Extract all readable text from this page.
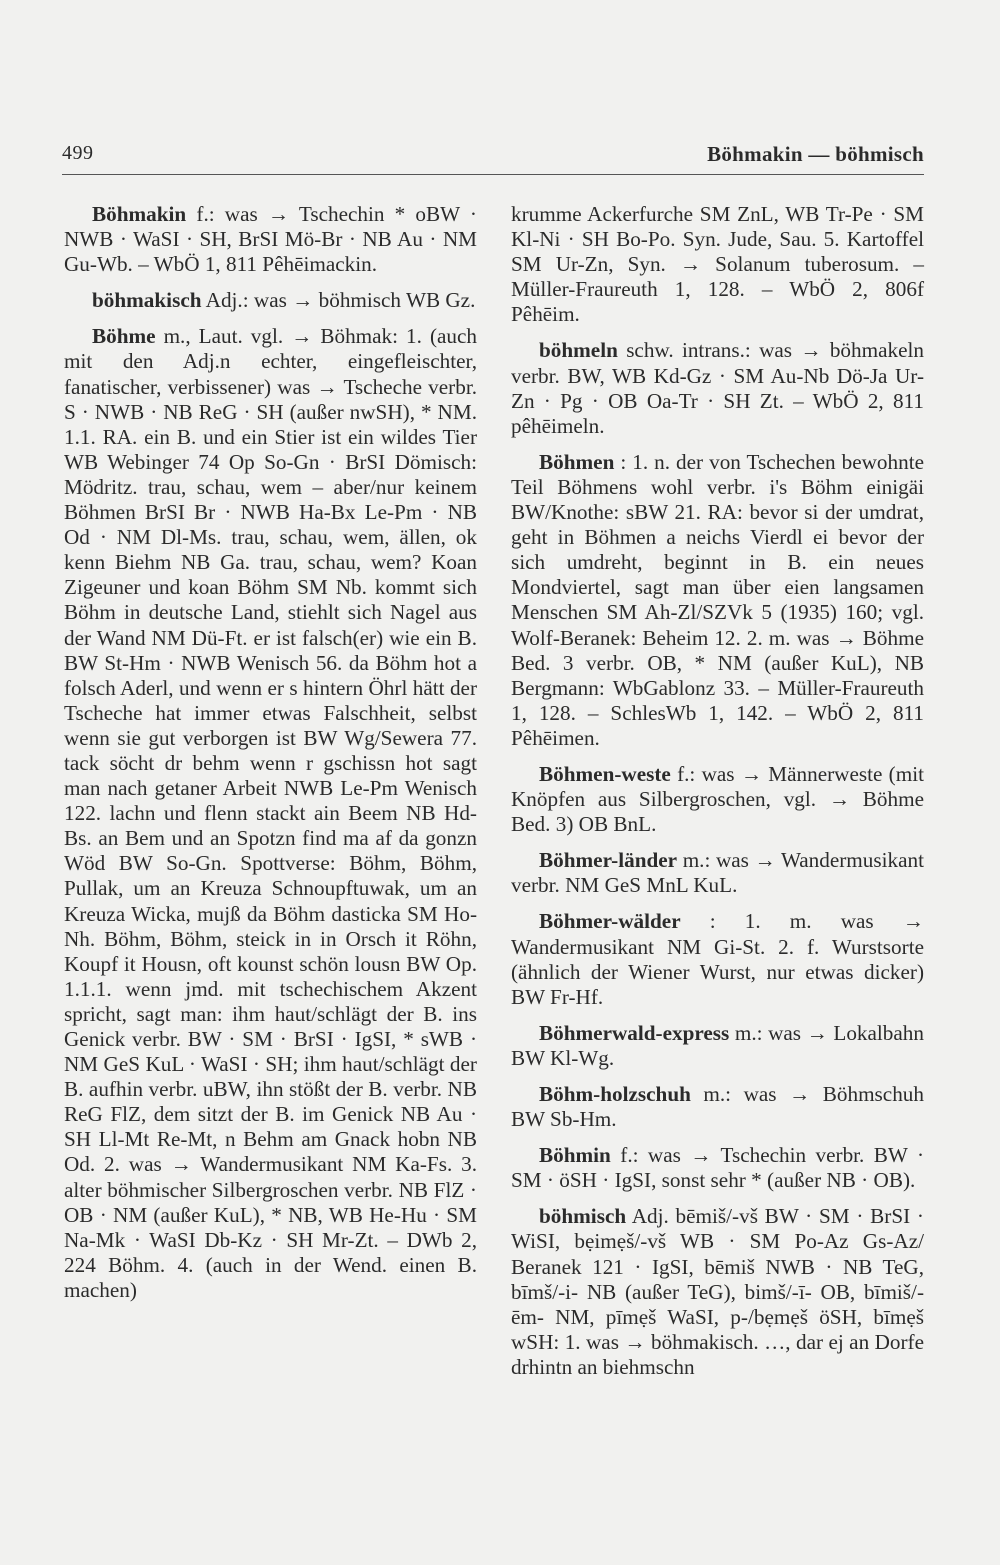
499	Böhmakin — böhmisch

Böhmakin f.: was → Tschechin * oBW · NWB · WaSI · SH, BrSI Mö-Br · NB Au · NM Gu-Wb. – WbÖ 1, 811 Pêhēimackin.

böhmakisch Adj.: was → böhmisch WB Gz.

Böhme m., Laut. vgl. → Böhmak: 1. (auch mit den Adj.n echter, eingefleischter, fanatischer, verbissener) was → Tscheche verbr. S · NWB · NB ReG · SH (außer nwSH), * NM. 1.1. RA. ein B. und ein Stier ist ein wildes Tier WB Webinger 74 Op So-Gn · BrSI Dömisch: Mödritz. trau, schau, wem – aber/nur keinem Böhmen BrSI Br · NWB Ha-Bx Le-Pm · NB Od · NM Dl-Ms. trau, schau, wem, ällen, ok kenn Biehm NB Ga. trau, schau, wem? Koan Zigeuner und koan Böhm SM Nb. kommt sich Böhm in deutsche Land, stiehlt sich Nagel aus der Wand NM Dü-Ft. er ist falsch(er) wie ein B. BW St-Hm · NWB Wenisch 56. da Böhm hot a folsch Aderl, und wenn er s hintern Öhrl hätt der Tscheche hat immer etwas Falschheit, selbst wenn sie gut verborgen ist BW Wg/Sewera 77. tack söcht dr behm wenn r gschissn hot sagt man nach getaner Arbeit NWB Le-Pm Wenisch 122. lachn und flenn stackt ain Beem NB Hd-Bs. an Bem und an Spotzn find ma af da gonzn Wöd BW So-Gn. Spottverse: Böhm, Böhm, Pullak, um an Kreuza Schnoupftuwak, um an Kreuza Wicka, mujß da Böhm dasticka SM Ho-Nh. Böhm, Böhm, steick in in Orsch it Röhn, Koupf it Housn, oft kounst schön lousn BW Op. 1.1.1. wenn jmd. mit tschechischem Akzent spricht, sagt man: ihm haut/schlägt der B. ins Genick verbr. BW · SM · BrSI · IgSI, * sWB · NM GeS KuL · WaSI · SH; ihm haut/schlägt der B. aufhin verbr. uBW, ihn stößt der B. verbr. NB ReG FlZ, dem sitzt der B. im Genick NB Au · SH Ll-Mt Re-Mt, n Behm am Gnack hobn NB Od. 2. was → Wandermusikant NM Ka-Fs. 3. alter böhmischer Silbergroschen verbr. NB FlZ · OB · NM (außer KuL), * NB, WB He-Hu · SM Na-Mk · WaSI Db-Kz · SH Mr-Zt. – DWb 2, 224 Böhm. 4. (auch in der Wend. einen B. machen)

krumme Ackerfurche SM ZnL, WB Tr-Pe · SM Kl-Ni · SH Bo-Po. Syn. Jude, Sau. 5. Kartoffel SM Ur-Zn, Syn. → Solanum tuberosum. – Müller-Fraureuth 1, 128. – WbÖ 2, 806f Pêhēim.

böhmeln schw. intrans.: was → böhmakeln verbr. BW, WB Kd-Gz · SM Au-Nb Dö-Ja Ur-Zn · Pg · OB Oa-Tr · SH Zt. – WbÖ 2, 811 pêhēimeln.

Böhmen : 1. n. der von Tschechen bewohnte Teil Böhmens wohl verbr. i's Böhm einigäi BW/Knothe: sBW 21. RA: bevor si der umdrat, geht in Böhmen a neichs Vierdl ei bevor der sich umdreht, beginnt in B. ein neues Mondviertel, sagt man über eien langsamen Menschen SM Ah-Zl/SZVk 5 (1935) 160; vgl. Wolf-Beranek: Beheim 12. 2. m. was → Böhme Bed. 3 verbr. OB, * NM (außer KuL), NB Bergmann: WbGablonz 33. – Müller-Fraureuth 1, 128. – SchlesWb 1, 142. – WbÖ 2, 811 Pêhēimen.

Böhmen-weste f.: was → Männerweste (mit Knöpfen aus Silbergroschen, vgl. → Böhme Bed. 3) OB BnL.

Böhmer-länder m.: was → Wandermusikant verbr. NM GeS MnL KuL.

Böhmer-wälder : 1. m. was → Wandermusikant NM Gi-St. 2. f. Wurstsorte (ähnlich der Wiener Wurst, nur etwas dicker) BW Fr-Hf.

Böhmerwald-express m.: was → Lokalbahn BW Kl-Wg.

Böhm-holzschuh m.: was → Böhmschuh BW Sb-Hm.

Böhmin f.: was → Tschechin verbr. BW · SM · öSH · IgSI, sonst sehr * (außer NB · OB).

böhmisch Adj. bēmiš/-vš BW · SM · BrSI · WiSI, bẹimẹš/-vš WB · SM Po-Az Gs-Az/ Beranek 121 · IgSI, bēmiš NWB · NB TeG, bīmš/-i- NB (außer TeG), bimš/-ī- OB, bīmiš/-ēm- NM, pīmẹš WaSI, p-/bẹmẹš öSH, bīmẹš wSH: 1. was → böhmakisch. …, dar ej an Dorfe drhintn an biehmschn
